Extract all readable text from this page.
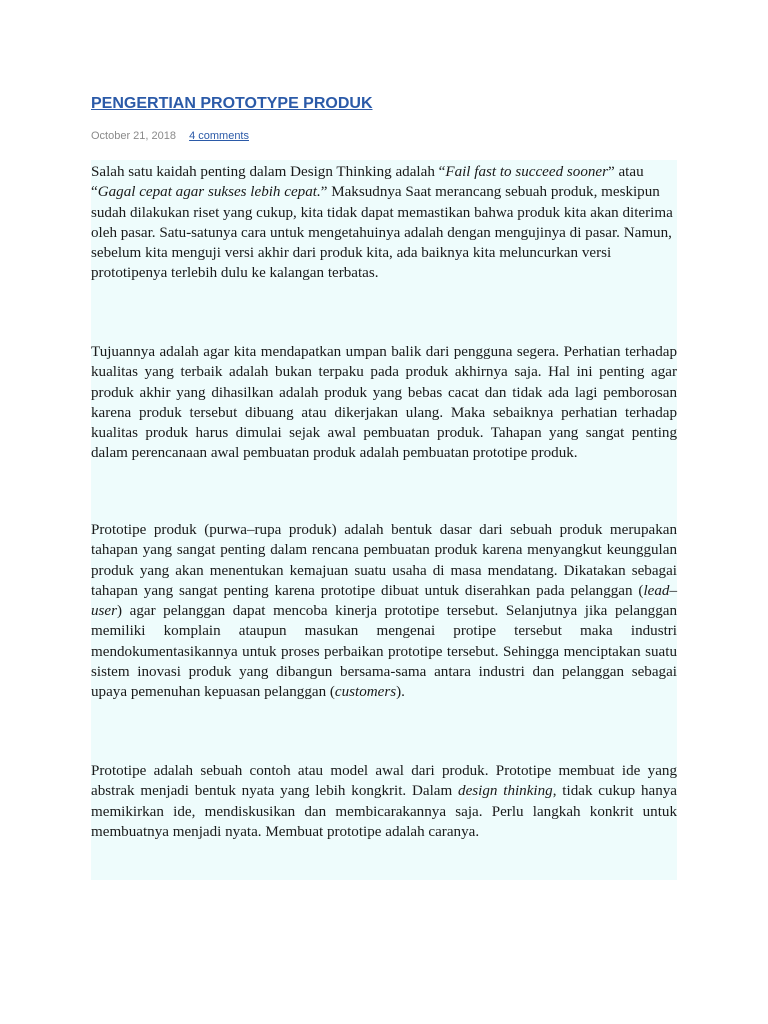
PENGERTIAN PROTOTYPE PRODUK
October 21, 2018 4 comments

Salah satu kaidah penting dalam Design Thinking adalah “Fail fast to succeed sooner” atau “Gagal cepat agar sukses lebih cepat.” Maksudnya Saat merancang sebuah produk, meskipun sudah dilakukan riset yang cukup, kita tidak dapat memastikan bahwa produk kita akan diterima oleh pasar. Satu-satunya cara untuk mengetahuinya adalah dengan mengujinya di pasar. Namun, sebelum kita menguji versi akhir dari produk kita, ada baiknya kita meluncurkan versi prototipenya terlebih dulu ke kalangan terbatas.

Tujuannya adalah agar kita mendapatkan umpan balik dari pengguna segera. Perhatian terhadap kualitas yang terbaik adalah bukan terpaku pada produk akhirnya saja. Hal ini penting agar produk akhir yang dihasilkan adalah produk yang bebas cacat dan tidak ada lagi pemborosan karena produk tersebut dibuang atau dikerjakan ulang. Maka sebaiknya perhatian terhadap kualitas produk harus dimulai sejak awal pembuatan produk. Tahapan yang sangat penting dalam perencanaan awal pembuatan produk adalah pembuatan prototipe produk.

Prototipe produk (purwa–rupa produk) adalah bentuk dasar dari sebuah produk merupakan tahapan yang sangat penting dalam rencana pembuatan produk karena menyangkut keunggulan produk yang akan menentukan kemajuan suatu usaha di masa mendatang. Dikatakan sebagai tahapan yang sangat penting karena prototipe dibuat untuk diserahkan pada pelanggan (lead–user) agar pelanggan dapat mencoba kinerja prototipe tersebut. Selanjutnya jika pelanggan memiliki komplain ataupun masukan mengenai protipe tersebut maka industri mendokumentasikannya untuk proses perbaikan prototipe tersebut. Sehingga menciptakan suatu sistem inovasi produk yang dibangun bersama-sama antara industri dan pelanggan sebagai upaya pemenuhan kepuasan pelanggan (customers).

Prototipe adalah sebuah contoh atau model awal dari produk. Prototipe membuat ide yang abstrak menjadi bentuk nyata yang lebih kongkrit. Dalam design thinking, tidak cukup hanya memikirkan ide, mendiskusikan dan membicarakannya saja. Perlu langkah konkrit untuk membuatnya menjadi nyata. Membuat prototipe adalah caranya.
